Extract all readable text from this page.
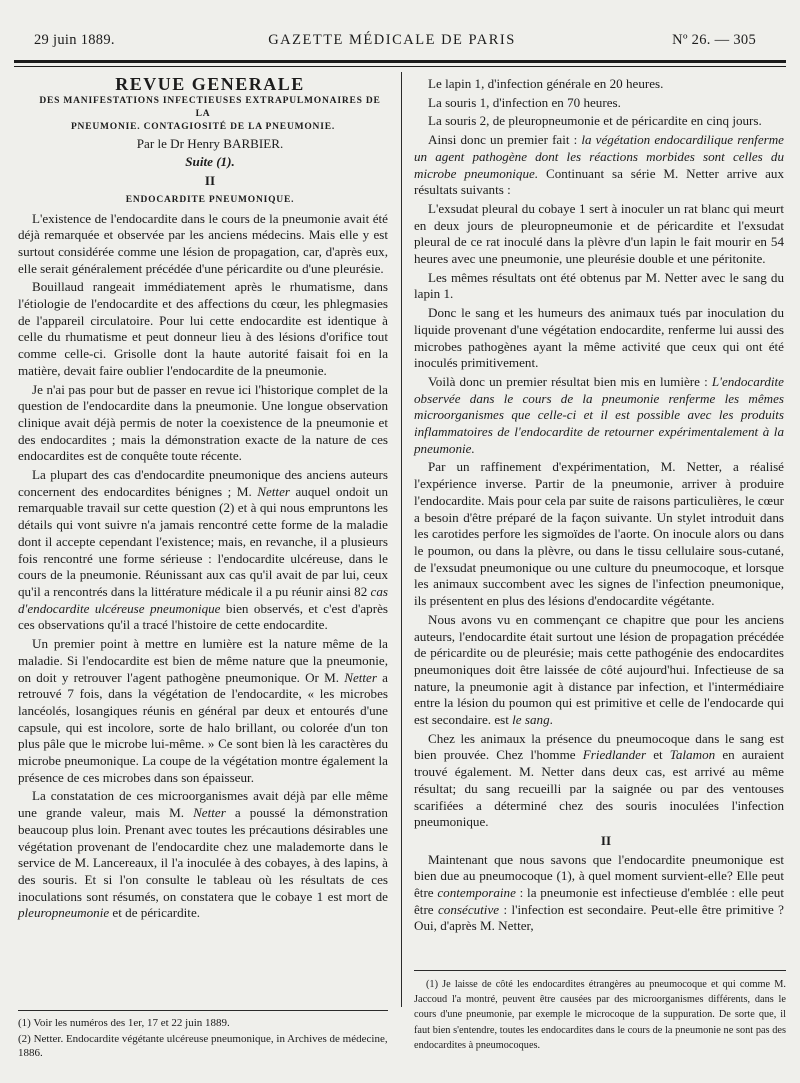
29 juin 1889.	GAZETTE MÉDICALE DE PARIS	Nº 26. — 305

REVUE GENERALE

DES MANIFESTATIONS INFECTIEUSES EXTRAPULMONAIRES DE LA
PNEUMONIE. CONTAGIOSITÉ DE LA PNEUMONIE.

Par le Dr Henry BARBIER.

Suite (1).

II

ENDOCARDITE PNEUMONIQUE.

L'existence de l'endocardite dans le cours de la pneumonie avait été déjà remarquée et observée par les anciens médecins. Mais elle y est surtout considérée comme une lésion de propagation, car, d'après eux, elle serait généralement précédée d'une péricardite ou d'une pleurésie.

Bouillaud rangeait immédiatement après le rhumatisme, dans l'étiologie de l'endocardite et des affections du cœur, les phlegmasies de l'appareil circulatoire. Pour lui cette endocardite est identique à celle du rhumatisme et peut donneur lieu à des lésions d'orifice tout comme celle-ci. Grisolle dont la haute autorité faisait foi en la matière, devait faire oublier l'endocardite de la pneumonie.

Je n'ai pas pour but de passer en revue ici l'historique complet de la question de l'endocardite dans la pneumonie. Une longue observation clinique avait déjà permis de noter la coexistence de la pneumonie et des endocardites ; mais la démonstration exacte de la nature de ces endocardites est de conquête toute récente.

La plupart des cas d'endocardite pneumonique des anciens auteurs concernent des endocardites bénignes ; M. Netter auquel ondoit un remarquable travail sur cette question (2) et à qui nous empruntons les détails qui vont suivre n'a jamais rencontré cette forme de la maladie dont il accepte cependant l'existence; mais, en revanche, il a plusieurs fois rencontré une forme sérieuse : l'endocardite ulcéreuse, dans le cours de la pneumonie. Réunissant aux cas qu'il avait de par lui, ceux qu'il a rencontrés dans la littérature médicale il a pu réunir ainsi 82 cas d'endocardite ulcéreuse pneumonique bien observés, et c'est d'après ces observations qu'il a tracé l'histoire de cette endocardite.

Un premier point à mettre en lumière est la nature même de la maladie. Si l'endocardite est bien de même nature que la pneumonie, on doit y retrouver l'agent pathogène pneumonique. Or M. Netter a retrouvé 7 fois, dans la végétation de l'endocardite, « les microbes lancéolés, losangiques réunis en général par deux et entourés d'une capsule, qui est incolore, sorte de halo brillant, ou colorée d'un ton plus pâle que le microbe lui-même. » Ce sont bien là les caractères du microbe pneumonique. La coupe de la végétation montre également la présence de ces microbes dans son épaisseur.

La constatation de ces microorganismes avait déjà par elle même une grande valeur, mais M. Netter a poussé la démonstration beaucoup plus loin. Prenant avec toutes les précautions désirables une végétation provenant de l'endocardite chez une malademorte dans le service de M. Lancereaux, il l'a inoculée à des cobayes, à des lapins, à des souris. Et si l'on consulte le tableau où les résultats de ces inoculations sont résumés, on constatera que le cobaye 1 est mort de pleuropneumonie et de péricardite.

(1) Voir les numéros des 1er, 17 et 22 juin 1889.

(2) Netter. Endocardite végétante ulcéreuse pneumonique, in Archives de médecine, 1886.

Le lapin 1, d'infection générale en 20 heures.

La souris 1, d'infection en 70 heures.

La souris 2, de pleuropneumonie et de péricardite en cinq jours.

Ainsi donc un premier fait : la végétation endocardilique renferme un agent pathogène dont les réactions morbides sont celles du microbe pneumonique. Continuant sa série M. Netter arrive aux résultats suivants :

L'exsudat pleural du cobaye 1 sert à inoculer un rat blanc qui meurt en deux jours de pleuropneumonie et de péricardite et l'exsudat pleural de ce rat inoculé dans la plèvre d'un lapin le fait mourir en 54 heures avec une pneumonie, une pleurésie double et une péritonite.

Les mêmes résultats ont été obtenus par M. Netter avec le sang du lapin 1.

Donc le sang et les humeurs des animaux tués par inoculation du liquide provenant d'une végétation endocardite, renferme lui aussi des microbes pathogènes ayant la même activité que ceux qui ont été inoculés primitivement.

Voilà donc un premier résultat bien mis en lumière : L'endocardite observée dans le cours de la pneumonie renferme les mêmes microorganismes que celle-ci et il est possible avec les produits inflammatoires de l'endocardite de retourner expérimentalement à la pneumonie.

Par un raffinement d'expérimentation, M. Netter, a réalisé l'expérience inverse. Partir de la pneumonie, arriver à produire l'endocardite. Mais pour cela par suite de raisons particulières, le cœur a besoin d'être préparé de la façon suivante. Un stylet introduit dans les carotides perfore les sigmoïdes de l'aorte. On inocule alors ou dans le poumon, ou dans la plèvre, ou dans le tissu cellulaire sous-cutané, de l'exsudat pneumonique ou une culture du pneumocoque, et lorsque les animaux succombent avec les signes de l'infection pneumonique, ils présentent en plus des lésions d'endocardite végétante.

Nous avons vu en commençant ce chapitre que pour les anciens auteurs, l'endocardite était surtout une lésion de propagation précédée de péricardite ou de pleurésie; mais cette pathogénie des endocardites pneumoniques doit être laissée de côté aujourd'hui. Infectieuse de sa nature, la pneumonie agit à distance par infection, et l'intermédiaire entre la lésion du poumon qui est primitive et celle de l'endocarde qui est secondaire. est le sang.

Chez les animaux la présence du pneumocoque dans le sang est bien prouvée. Chez l'homme Friedlander et Talamon en auraient trouvé également. M. Netter dans deux cas, est arrivé au même résultat; du sang recueilli par la saignée ou par des ventouses scarifiées a déterminé chez des souris inoculées l'infection pneumonique.

II

Maintenant que nous savons que l'endocardite pneumonique est bien due au pneumocoque (1), à quel moment survient-elle? Elle peut être contemporaine : la pneumonie est infectieuse d'emblée : elle peut être consécutive : l'infection est secondaire. Peut-elle être primitive ? Oui, d'après M. Netter,

(1) Je laisse de côté les endocardites étrangères au pneumocoque et qui comme M. Jaccoud l'a montré, peuvent être causées par des microorganismes différents, dans le cours d'une pneumonie, par exemple le microcoque de la suppuration. De sorte que, il faut bien s'entendre, toutes les endocardites dans le cours de la pneumonie ne sont pas des endocardites à pneumocoques.
